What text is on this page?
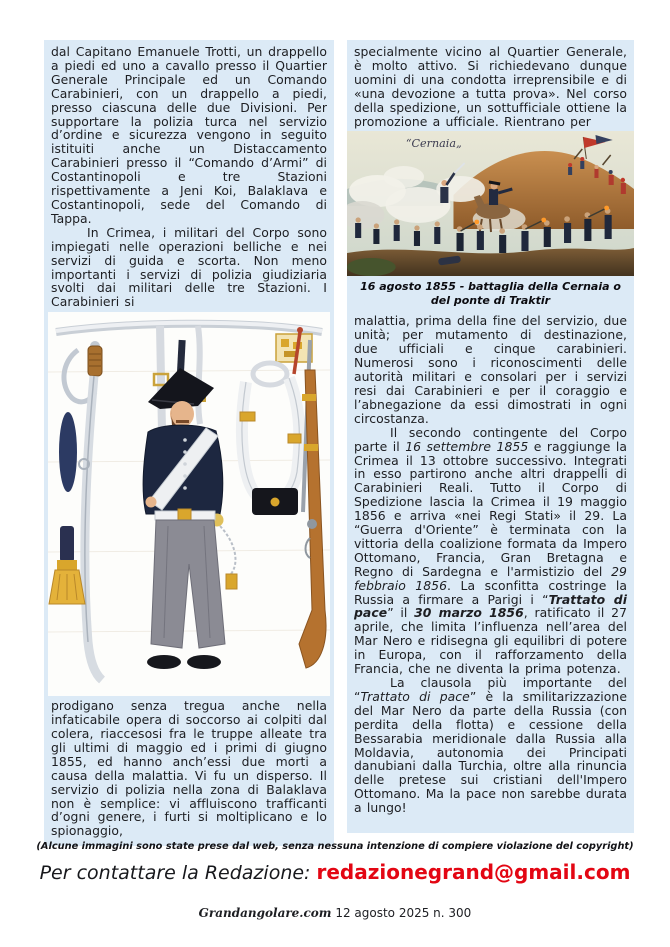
dal Capitano Emanuele Trotti, un drappello a piedi ed uno a cavallo presso il Quartier Generale Principale ed un Comando Carabinieri, con un drappello a piedi, presso ciascuna delle due Divisioni. Per supportare la polizia turca nel servizio d’ordine e sicurezza vengono in seguito istituiti anche un Distaccamento Carabinieri presso il “Comando d’Armi” di Costantinopoli e tre Stazioni rispettivamente a Jeni Koi, Balaklava e Costantinopoli, sede del Comando di Tappa.

In Crimea, i militari del Corpo sono impiegati nelle operazioni belliche e nei servizi di guida e scorta. Non meno importanti i servizi di polizia giudiziaria svolti dai militari delle tre Stazioni. I Carabinieri si

prodigano senza tregua anche nella infaticabile opera di soccorso ai colpiti dal colera, riaccesosi fra le truppe alleate tra gli ultimi di maggio ed i primi di giugno 1855, ed hanno anch’essi due morti a causa della malattia. Vi fu un disperso. Il servizio di polizia nella zona di Balaklava non è semplice: vi affluiscono trafficanti d’ogni genere, i furti si moltiplicano e lo spionaggio,

specialmente vicino al Quartier Generale, è molto attivo. Si richiedevano dunque uomini di una condotta irreprensibile e di «una devozione a tutta prova». Nel corso della spedizione, un sottufficiale ottiene la promozione a ufficiale. Rientrano per

“Cernaia„
16 agosto 1855 - battaglia della Cernaia o del ponte di Traktir

malattia, prima della fine del servizio, due unità; per mutamento di destinazione, due ufficiali e cinque carabinieri. Numerosi sono i riconoscimenti delle autorità militari e consolari per i servizi resi dai Carabinieri e per il coraggio e l’abnegazione da essi dimostrati in ogni circostanza.

Il secondo contingente del Corpo parte il 16 settembre 1855 e raggiunge la Crimea il 13 ottobre successivo. Integrati in esso partirono anche altri drappelli di Carabinieri Reali. Tutto il Corpo di Spedizione lascia la Crimea il 19 maggio 1856 e arriva «nei Regi Stati» il 29. La “Guerra d'Oriente” è terminata con la vittoria della coalizione formata da Impero Ottomano, Francia, Gran Bretagna e Regno di Sardegna e l'armistizio del 29 febbraio 1856. La sconfitta costringe la Russia a firmare a Parigi i “Trattato di pace” il 30 marzo 1856, ratificato il 27 aprile, che limita l’influenza nell’area del Mar Nero e ridisegna gli equilibri di potere in Europa, con il rafforzamento della Francia, che ne diventa la prima potenza.

La clausola più importante del “Trattato di pace” è la smilitarizzazione del Mar Nero da parte della Russia (con perdita della flotta) e cessione della Bessarabia meridionale dalla Russia alla Moldavia, autonomia dei Principati danubiani dalla Turchia, oltre alla rinuncia delle pretese sui cristiani dell'Impero Ottomano. Ma la pace non sarebbe durata a lungo!

(Alcune immagini sono state prese dal web, senza nessuna intenzione di compiere violazione del copyright)
Per contattare la Redazione: redazionegrand@gmail.com
Grandangolare.com 12 agosto 2025 n. 300
